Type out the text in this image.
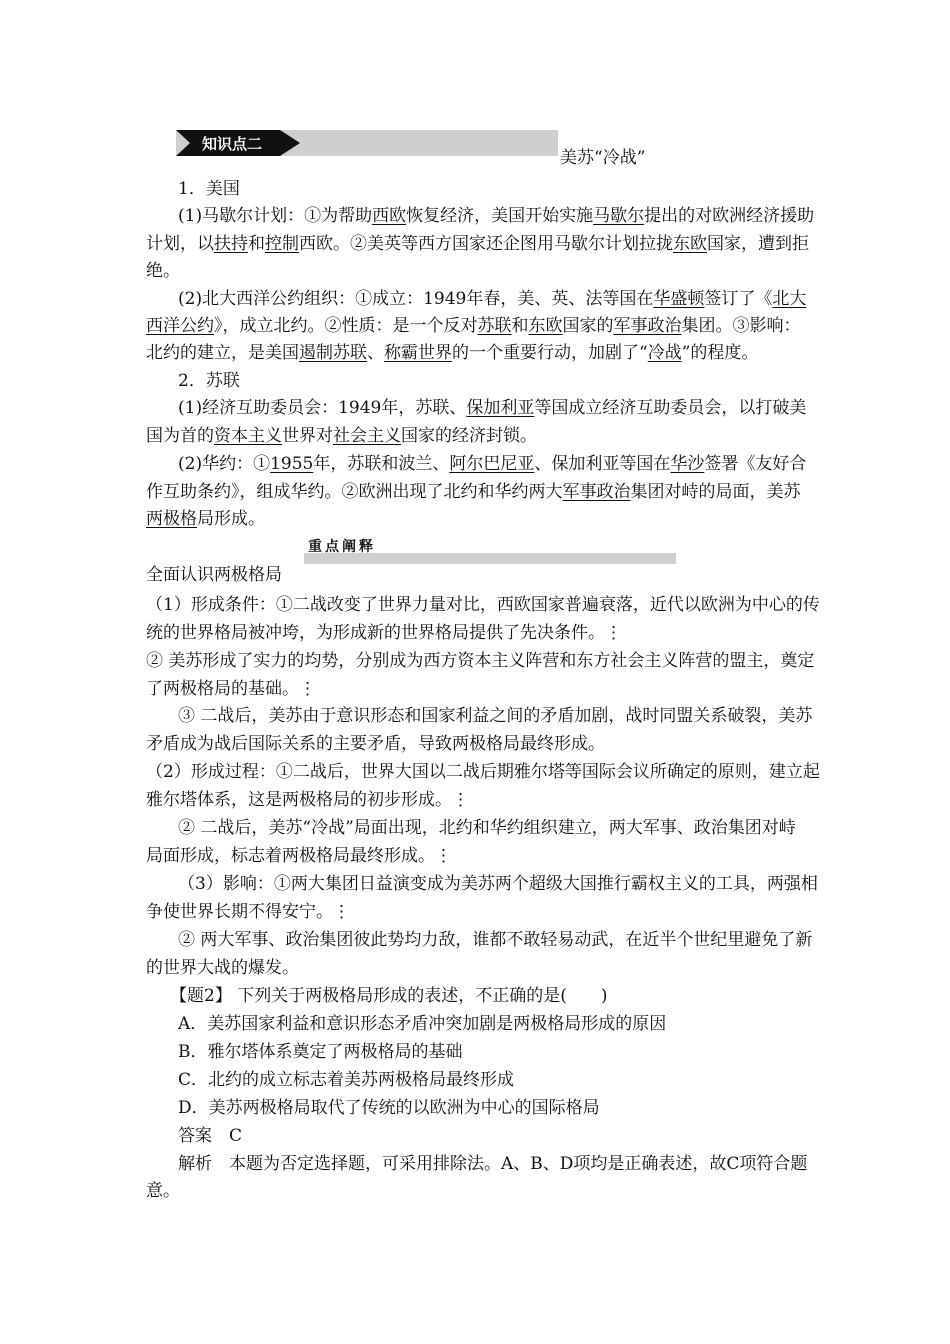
知识点二
美苏“冷战”
1．美国
(1)马歇尔计划：①为帮助西欧恢复经济，美国开始实施马歇尔提出的对欧洲经济援助
计划，以扶持和控制西欧。②美英等西方国家还企图用马歇尔计划拉拢东欧国家，遭到拒
绝。
(2)北大西洋公约组织：①成立：1949年春，美、英、法等国在华盛顿签订了《北大
西洋公约》，成立北约。②性质：是一个反对苏联和东欧国家的军事政治集团。③影响：
北约的建立，是美国遏制苏联、称霸世界的一个重要行动，加剧了“冷战”的程度。
2．苏联
(1)经济互助委员会：1949年，苏联、保加利亚等国成立经济互助委员会，以打破美
国为首的资本主义世界对社会主义国家的经济封锁。
(2)华约：①1955年，苏联和波兰、阿尔巴尼亚、保加利亚等国在华沙签署《友好合
作互助条约》，组成华约。②欧洲出现了北约和华约两大军事政治集团对峙的局面，美苏
两极格局形成。
重点阐释
全面认识两极格局
（1）形成条件：①二战改变了世界力量对比，西欧国家普遍衰落，近代以欧洲为中心的传
统的世界格局被冲垮，为形成新的世界格局提供了先决条件。⋮
② 美苏形成了实力的均势，分别成为西方资本主义阵营和东方社会主义阵营的盟主，奠定
了两极格局的基础。⋮
③ 二战后，美苏由于意识形态和国家利益之间的矛盾加剧，战时同盟关系破裂，美苏
矛盾成为战后国际关系的主要矛盾，导致两极格局最终形成。
（2）形成过程：①二战后，世界大国以二战后期雅尔塔等国际会议所确定的原则，建立起
雅尔塔体系，这是两极格局的初步形成。⋮
② 二战后，美苏“冷战”局面出现，北约和华约组织建立，两大军事、政治集团对峙
局面形成，标志着两极格局最终形成。⋮
（3）影响：①两大集团日益演变成为美苏两个超级大国推行霸权主义的工具，两强相
争使世界长期不得安宁。⋮
② 两大军事、政治集团彼此势均力敌，谁都不敢轻易动武，在近半个世纪里避免了新
的世界大战的爆发。
【题2】 下列关于两极格局形成的表述，不正确的是(　　)
A．美苏国家利益和意识形态矛盾冲突加剧是两极格局形成的原因
B．雅尔塔体系奠定了两极格局的基础
C．北约的成立标志着美苏两极格局最终形成
D．美苏两极格局取代了传统的以欧洲为中心的国际格局
答案　C
解析　本题为否定选择题，可采用排除法。A、B、D项均是正确表述，故C项符合题
意。
